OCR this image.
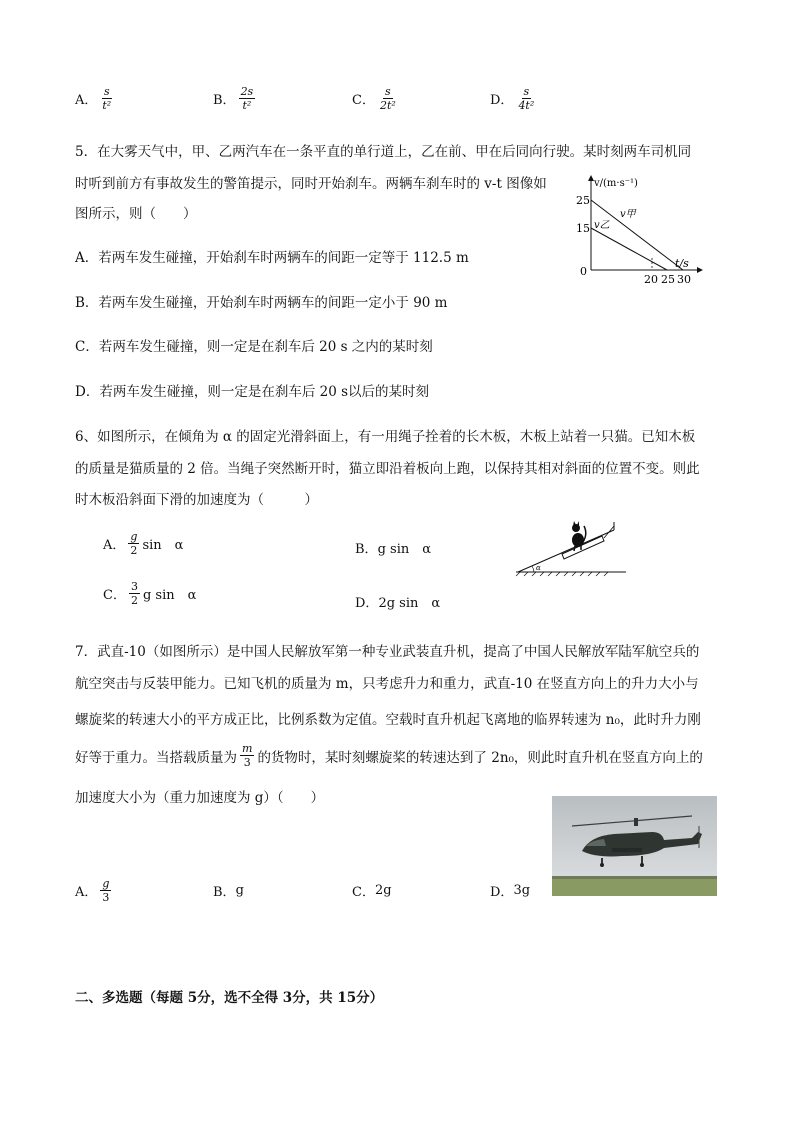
A． $\frac{s}{\text{t²}}$	B． $\frac{2s}{\text{t²}}$	C． $\frac{s}{\text{2t²}}$	D． $\frac{s}{\text{4t²}}$
5．在大雾天气中，甲、乙两汽车在一条平直的单行道上，乙在前、甲在后同向行驶。某时刻两车司机同
时听到前方有事故发生的警笛提示，同时开始刹车。两辆车刹车时的 v-t 图像如
图所示，则（　　）
v/(m·s⁻¹)
t/s
25
15
0
20 25 30
v甲
v乙
A．若两车发生碰撞，开始刹车时两辆车的间距一定等于 112.5 m
B．若两车发生碰撞，开始刹车时两辆车的间距一定小于 90 m
C．若两车发生碰撞，则一定是在刹车后 20 s 之内的某时刻
D．若两车发生碰撞，则一定是在刹车后 20 s以后的某时刻
6、如图所示，在倾角为 α 的固定光滑斜面上，有一用绳子拴着的长木板，木板上站着一只猫。已知木板
的质量是猫质量的 2 倍。当绳子突然断开时，猫立即沿着板向上跑，以保持其相对斜面的位置不变。则此
时木板沿斜面下滑的加速度为（　　　）
A． $\frac{g}{2}$ sin　α	B． g sin　α
C． $\frac{3}{2}$ g sin　α
D． 2g sin　α
α
7．武直-10（如图所示）是中国人民解放军第一种专业武装直升机，提高了中国人民解放军陆军航空兵的
航空突击与反装甲能力。已知飞机的质量为 m，只考虑升力和重力，武直-10 在竖直方向上的升力大小与
螺旋桨的转速大小的平方成正比，比例系数为定值。空载时直升机起飞离地的临界转速为 n₀，此时升力刚
好等于重力。当搭载质量为 $\frac{m}{3}$ 的货物时，某时刻螺旋桨的转速达到了 2n₀，则此时直升机在竖直方向上的
加速度大小为（重力加速度为 g）（　　）
A． $\frac{g}{3}$	B． g	C． 2g	D． 3g
二、多选题（每题 5分，选不全得 3分，共 15分）
